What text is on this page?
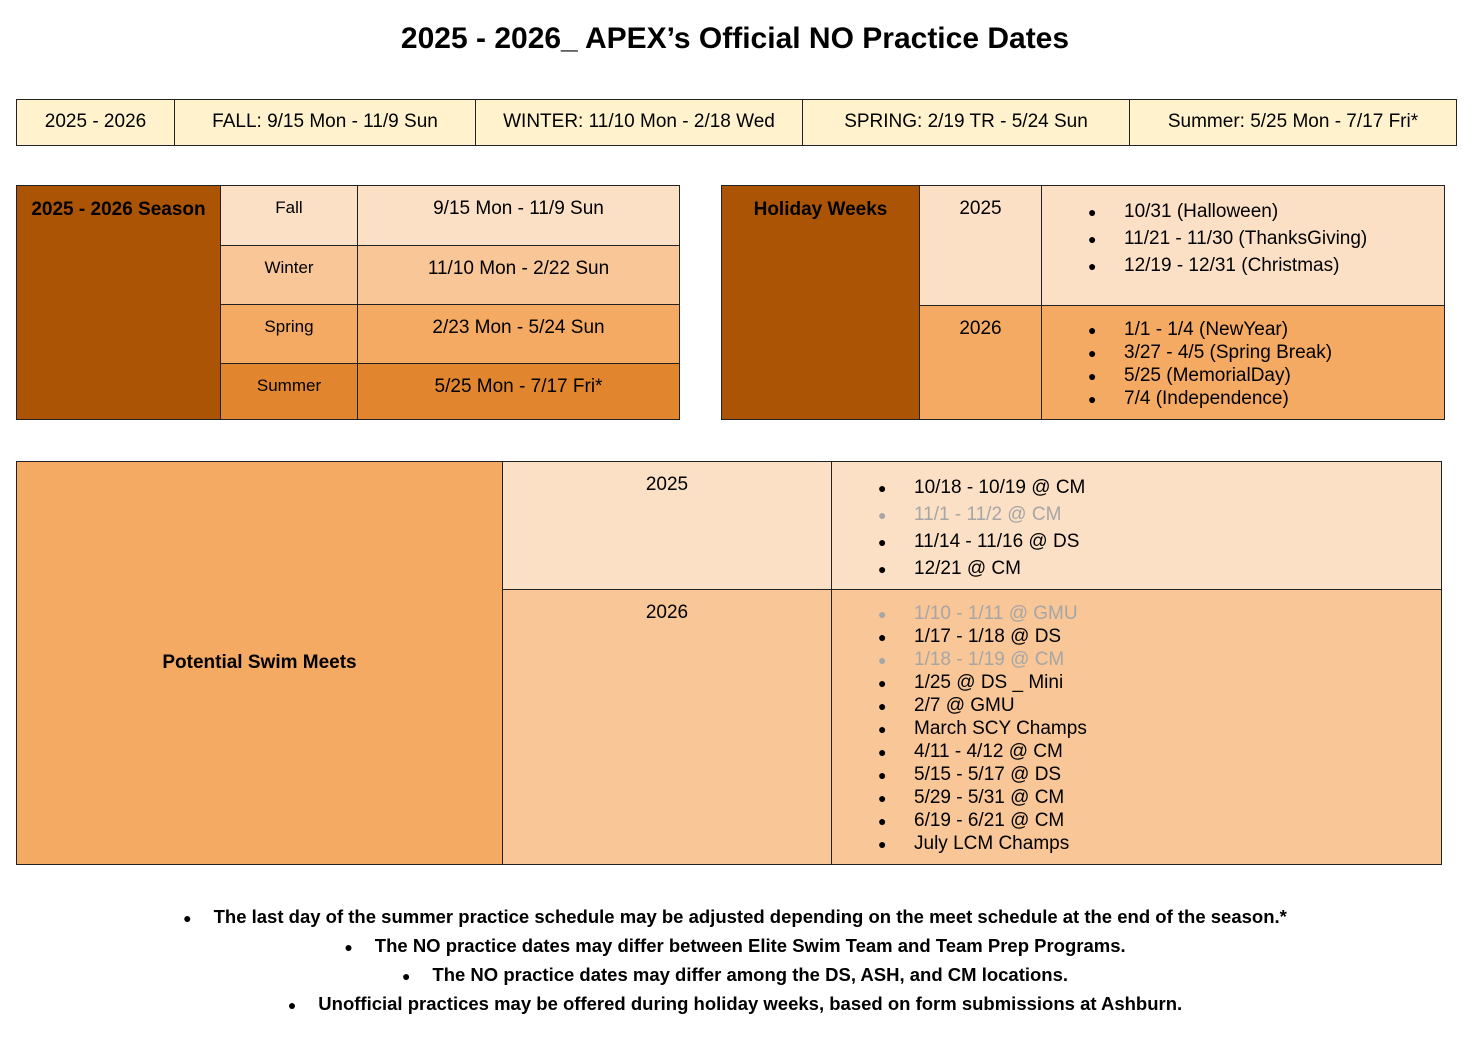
2025 - 2026_ APEX’s Official NO Practice Dates
2025 - 2026	FALL: 9/15 Mon - 11/9 Sun	WINTER: 11/10 Mon - 2/18 Wed	SPRING: 2/19 TR - 5/24 Sun	Summer: 5/25 Mon - 7/17 Fri*
2025 - 2026 Season	Fall	9/15 Mon - 11/9 Sun
Winter	11/10 Mon - 2/22 Sun
Spring	2/23 Mon - 5/24 Sun
Summer	5/25 Mon - 7/17 Fri*
Holiday Weeks	2025	● 10/31 (Halloween)
● 11/21 - 11/30 (ThanksGiving)
● 12/19 - 12/31 (Christmas)
2026	● 1/1 - 1/4 (NewYear)
● 3/27 - 4/5 (Spring Break)
● 5/25 (MemorialDay)
● 7/4 (Independence)
Potential Swim Meets
2025	● 10/18 - 10/19 @ CM
● 11/1 - 11/2 @ CM
● 11/14 - 11/16 @ DS
● 12/21 @ CM
2026	● 1/10 - 1/11 @ GMU
● 1/17 - 1/18 @ DS
● 1/18 - 1/19 @ CM
● 1/25 @ DS _ Mini
● 2/7 @ GMU
● March SCY Champs
● 4/11 - 4/12 @ CM
● 5/15 - 5/17 @ DS
● 5/29 - 5/31 @ CM
● 6/19 - 6/21 @ CM
● July LCM Champs
● The last day of the summer practice schedule may be adjusted depending on the meet schedule at the end of the season.*
● The NO practice dates may differ between Elite Swim Team and Team Prep Programs.
● The NO practice dates may differ among the DS, ASH, and CM locations.
● Unofficial practices may be offered during holiday weeks, based on form submissions at Ashburn.
